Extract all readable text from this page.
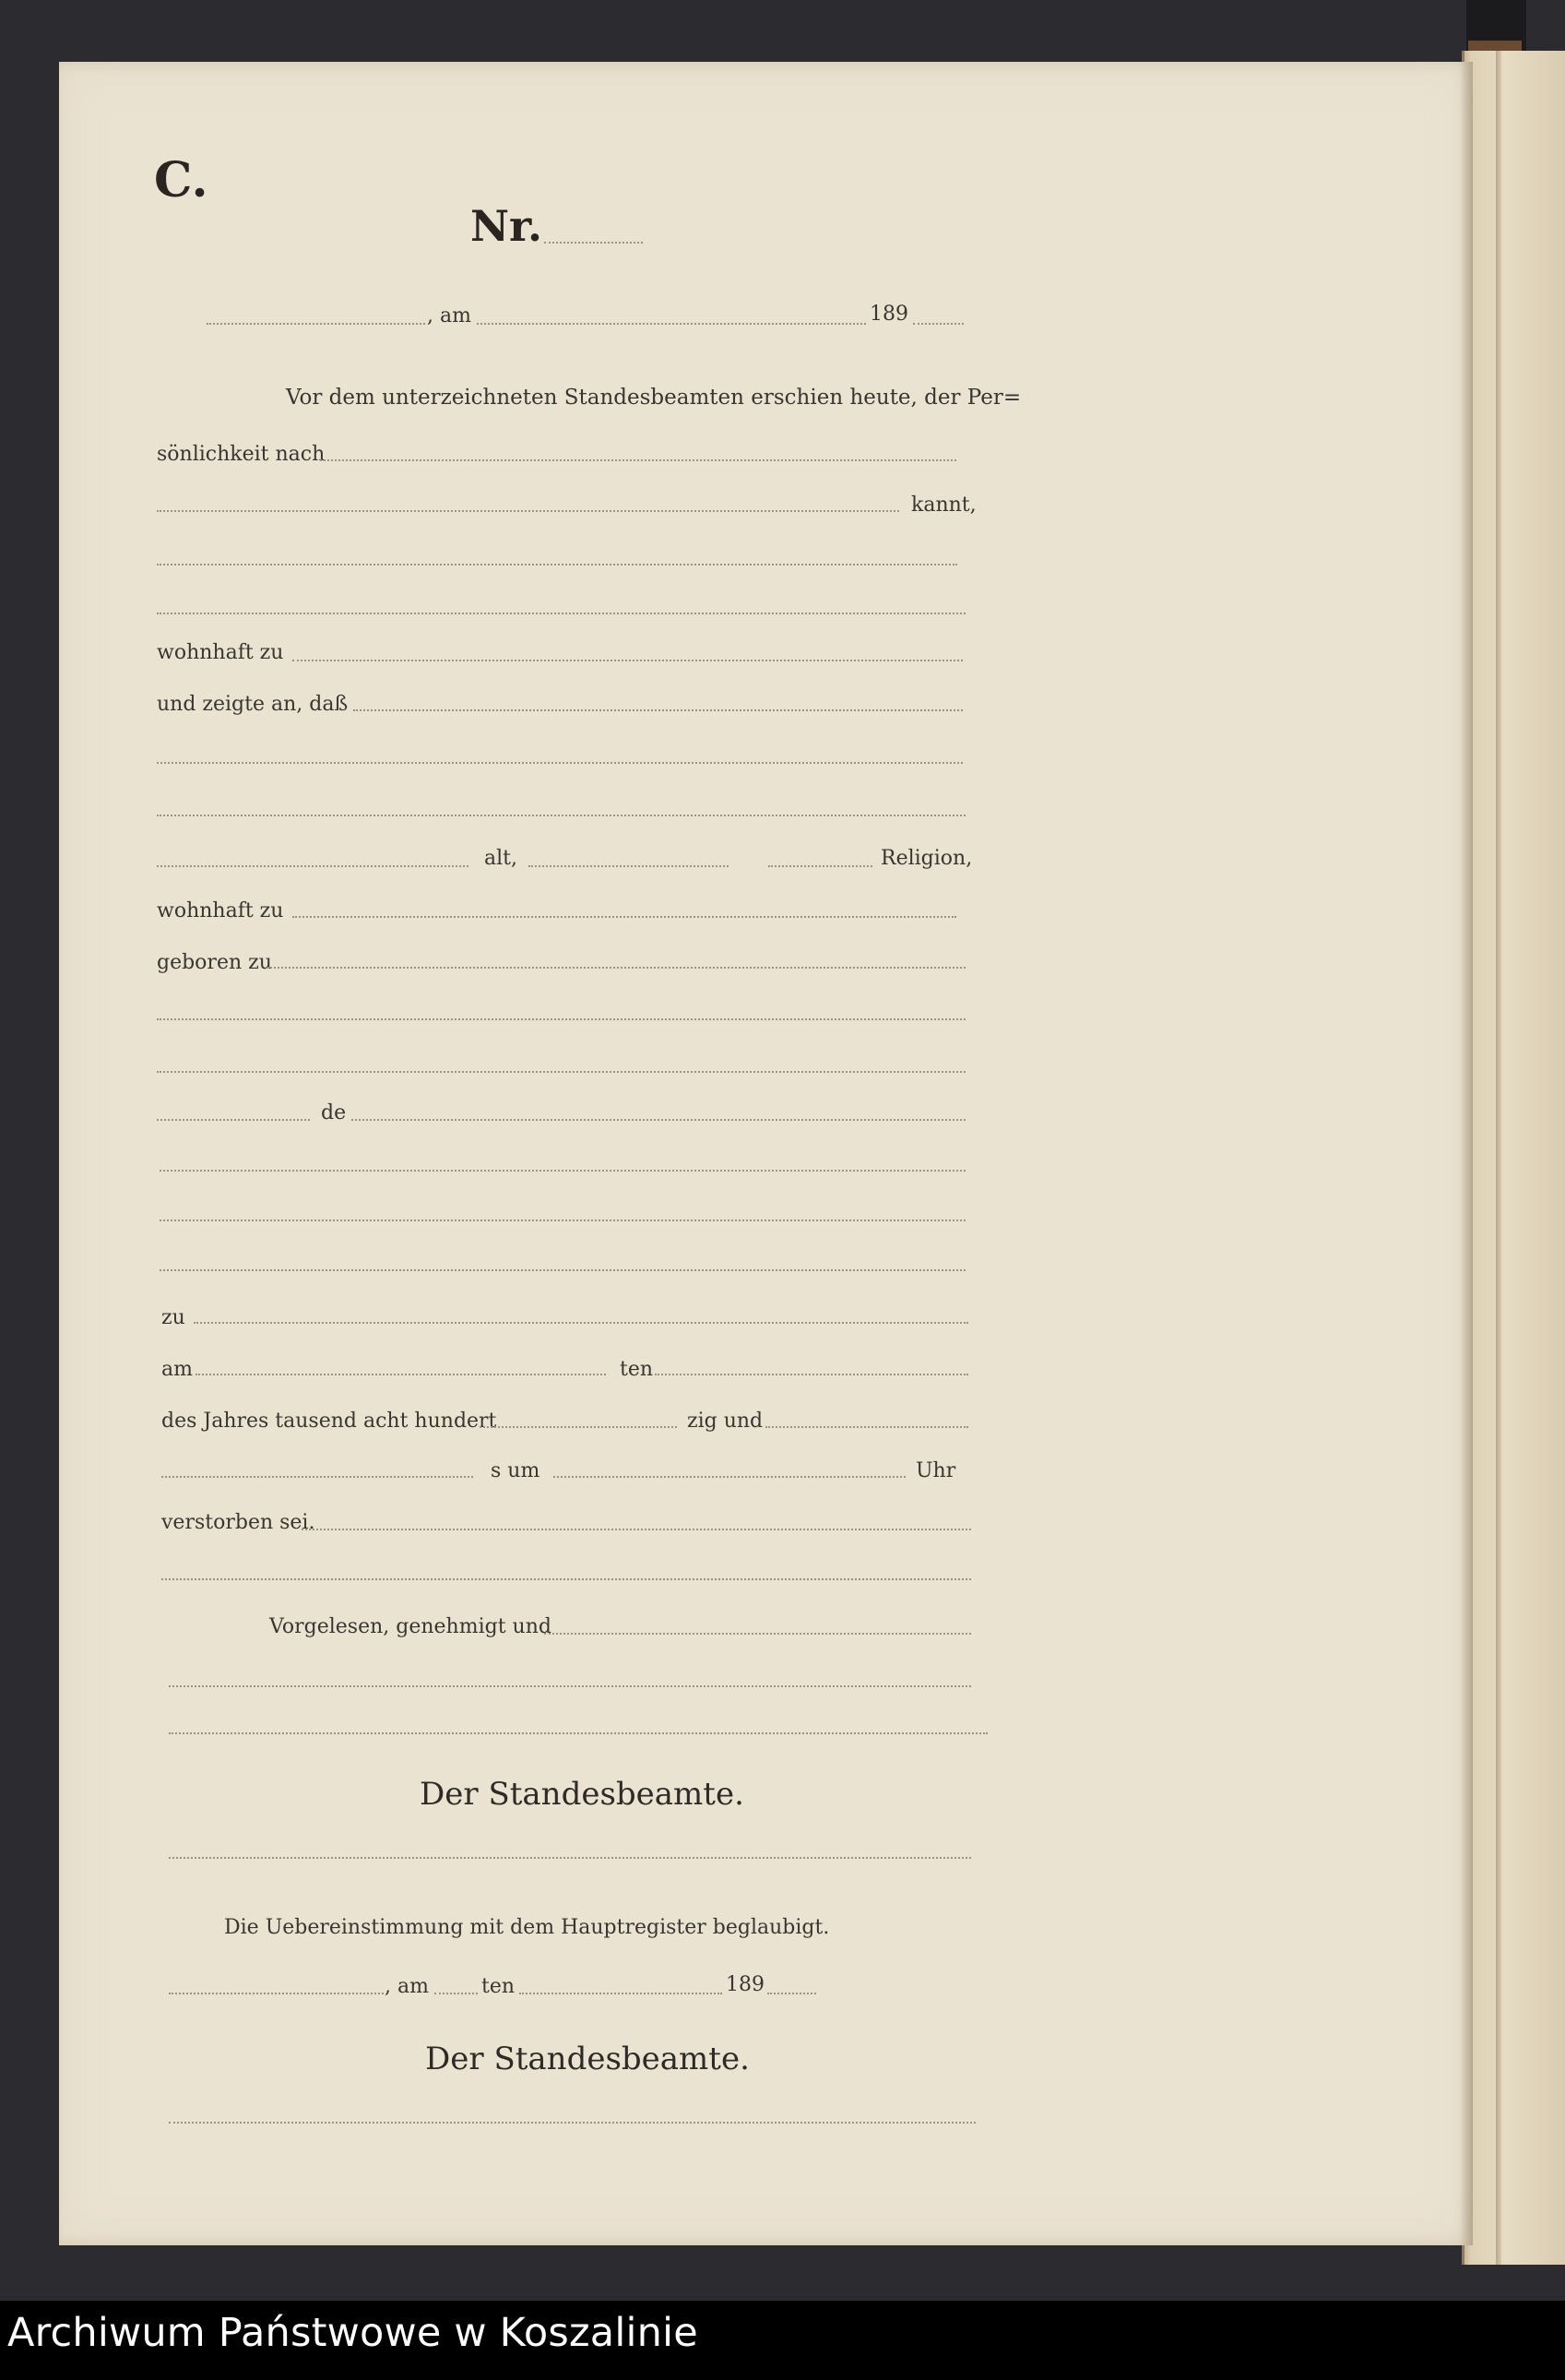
C.
Nr.
, am	189
Vor dem unterzeichneten Standesbeamten erschien heute, der Per=
sönlichkeit nach
kannt,
wohnhaft zu
und zeigte an, daß
alt,	Religion,
wohnhaft zu
geboren zu
de
zu
am	ten
des Jahres tausend acht hundert	zig und
s um	Uhr
verstorben sei.
Vorgelesen, genehmigt und
Der Standesbeamte.
Die Uebereinstimmung mit dem Hauptregister beglaubigt.
, am	ten	189
Der Standesbeamte.
Archiwum Państwowe w Koszalinie
